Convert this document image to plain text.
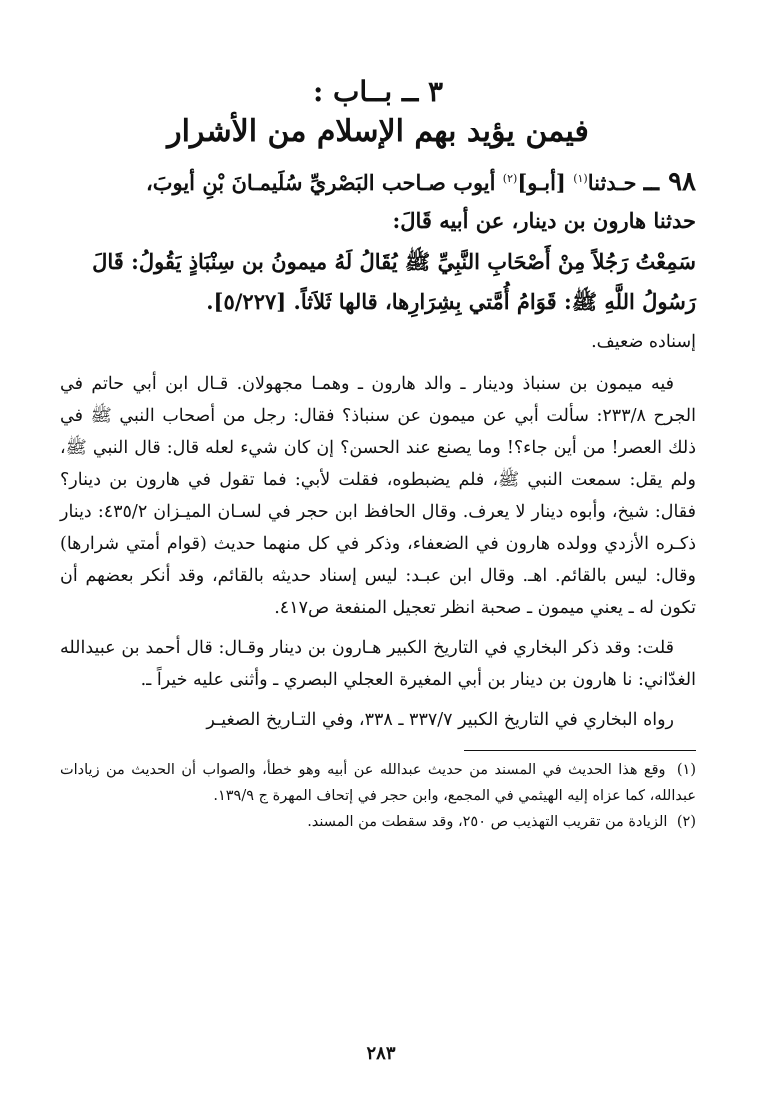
٣ ــ بــاب :
فيمن يؤيد بهم الإسلام من الأشرار
٩٨ ــ حـدثنا$^{(١)}$ [أبـو]$^{(٢)}$ أيوب صـاحب البَصْريِّ سُلَيمـانَ بْنِ أيوبَ،
حدثنا هارون بن دينار، عن أبيه قَالَ:
سَمِعْتُ رَجُلاً مِنْ أَصْحَابِ النَّبِيِّ ﷺ يُقَالُ لَهُ ميمونُ بن سِنْبَاذٍ يَقُولُ: قَالَ
رَسُولُ اللَّهِ ﷺ: قَوَامُ أُمَّتي بِشِرَارِها، قالها ثَلاَثاً. [٥/٢٢٧].
إسناده ضعيف.
فيه ميمون بن سنباذ ودينار ـ والد هارون ـ وهمـا مجهولان. قـال ابن أبي حاتم في الجرح ٢٣٣/٨: سألت أبي عن ميمون عن سنباذ؟ فقال: رجل من أصحاب النبي ﷺ في ذلك العصر! من أين جاء؟! وما يصنع عند الحسن؟ إن كان شيء لعله قال: قال النبي ﷺ، ولم يقل: سمعت النبي ﷺ، فلم يضبطوه، فقلت لأبي: فما تقول في هارون بن دينار؟ فقال: شيخ، وأبوه دينار لا يعرف. وقال الحافظ ابن حجر في لسـان الميـزان ٤٣٥/٢: دينار ذكـره الأزدي وولده هارون في الضعفاء، وذكر في كل منهما حديث (قوام أمتي شرارها) وقال: ليس بالقائم. اهـ. وقال ابن عبـد: ليس إسناد حديثه بالقائم، وقد أنكر بعضهم أن تكون له ـ يعني ميمون ـ صحبة انظر تعجيل المنفعة ص٤١٧.
قلت: وقد ذكر البخاري في التاريخ الكبير هـارون بن دينار وقـال: قال أحمد بن عبيدالله الغدّاني: نا هارون بن دينار بن أبي المغيرة العجلي البصري ـ وأثنى عليه خيراً ـ.
رواه البخاري في التاريخ الكبير ٣٣٧/٧ ـ ٣٣٨، وفي التـاريخ الصغيـر
(١) وقع هذا الحديث في المسند من حديث عبدالله عن أبيه وهو خطأ، والصواب أن الحديث من زيادات عبدالله، كما عزاه إليه الهيثمي في المجمع، وابن حجر في إتحاف المهرة ج ١٣٩/٩.
(٢) الزيادة من تقريب التهذيب ص ٢٥٠، وقد سقطت من المسند.
٢٨٣
